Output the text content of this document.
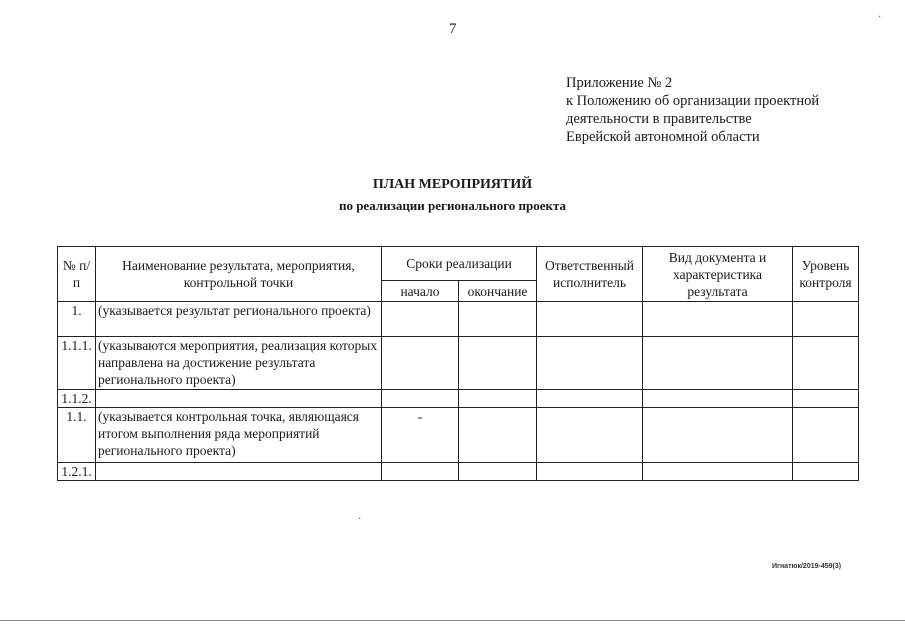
7
Приложение № 2
к Положению об организации проектной
деятельности в правительстве
Еврейской автономной области
ПЛАН МЕРОПРИЯТИЙ
по реализации регионального проекта
№ п/п	Наименование результата, мероприятия, контрольной точки	Сроки реализации		Ответственный исполнитель	Вид документа и характеристика результата	Уровень контроля
		начало	окончание			
1.	(указывается результат регионального проекта)					
1.1.1.	(указываются мероприятия, реализация которых направлена на достижение результата регионального проекта)					
1.1.2.						
1.1.	(указывается контрольная точка, являющаяся итогом выполнения ряда мероприятий регионального проекта)	-				
1.2.1.						
Игнатюк/2019-459(3)
·
·
